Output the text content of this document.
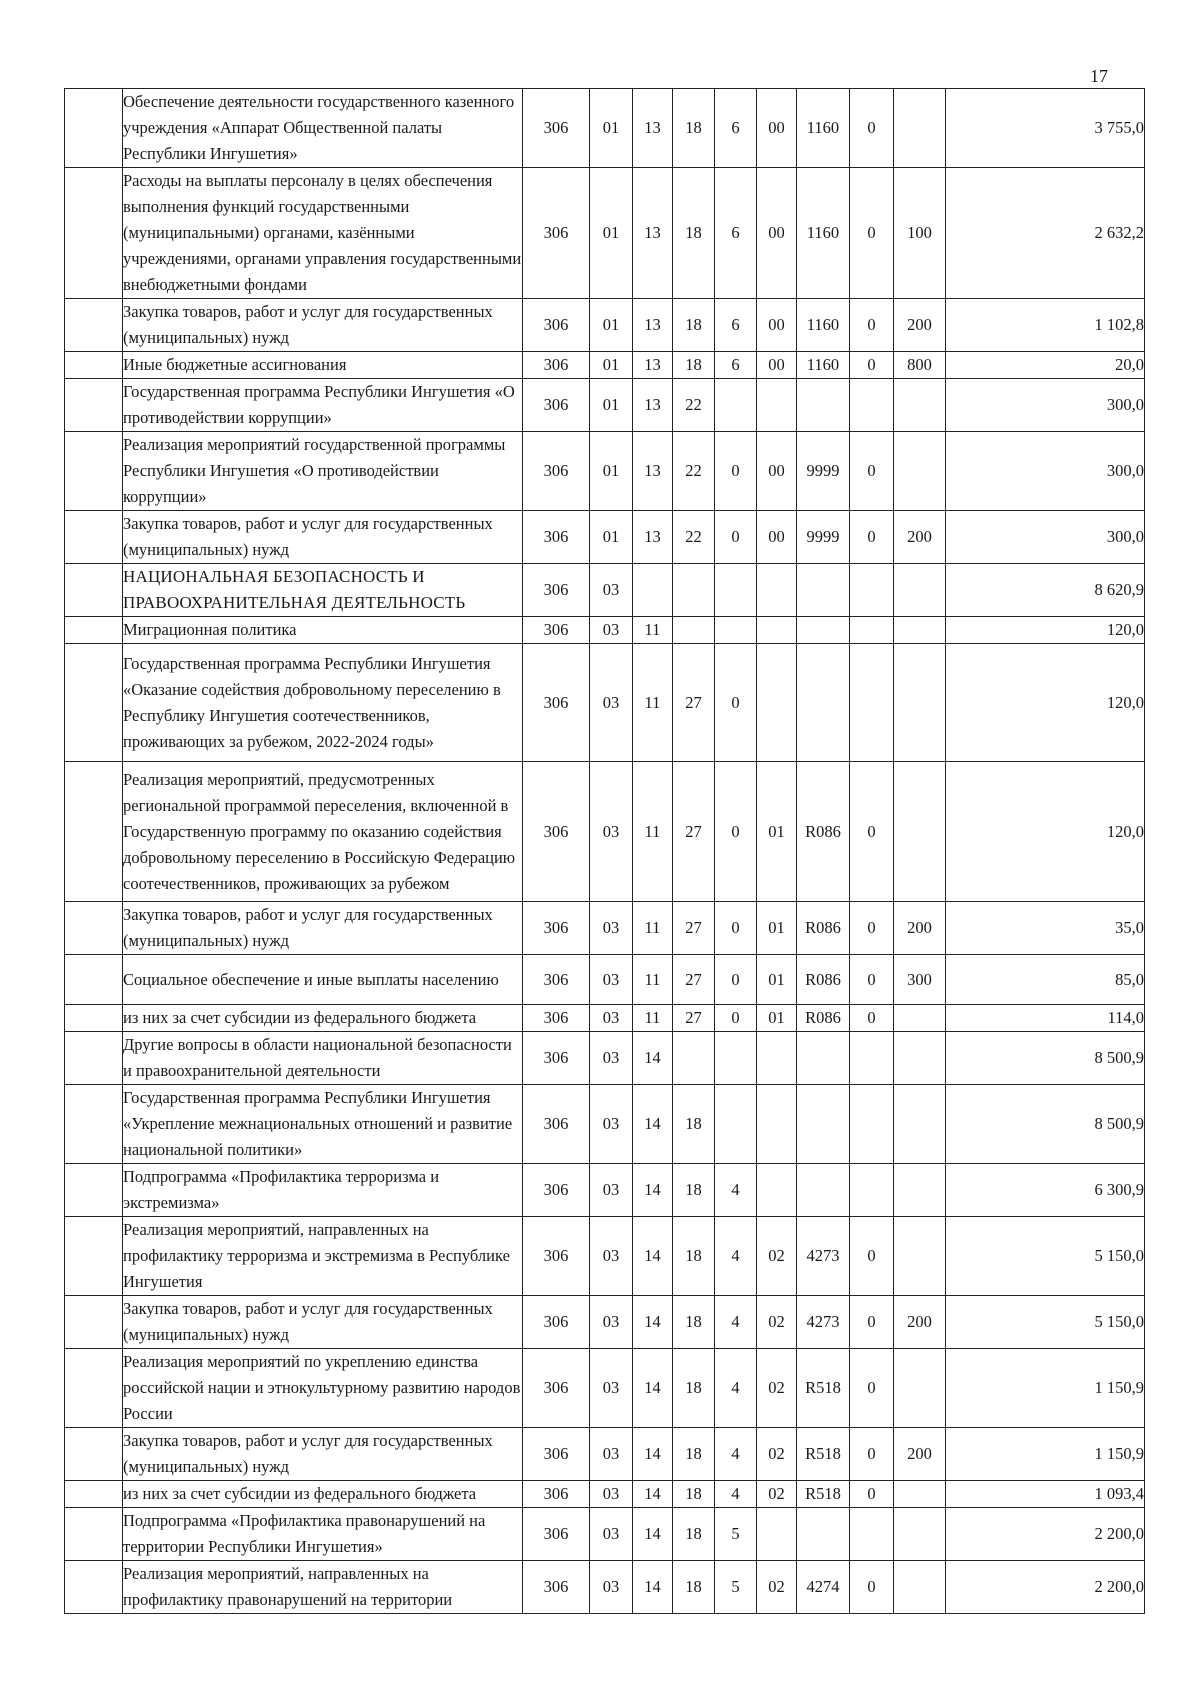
17
	Обеспечение деятельности государственного казенного учреждения «Аппарат Общественной палаты Республики Ингушетия»	306	01	13	18	6	00	1160	0		3 755,0
	Расходы на выплаты персоналу в целях обеспечения выполнения функций государственными (муниципальными) органами, казёнными учреждениями, органами управления государственными внебюджетными фондами	306	01	13	18	6	00	1160	0	100	2 632,2
	Закупка товаров, работ и услуг для государственных (муниципальных) нужд	306	01	13	18	6	00	1160	0	200	1 102,8
	Иные бюджетные ассигнования	306	01	13	18	6	00	1160	0	800	20,0
	Государственная программа Республики Ингушетия «О противодействии коррупции»	306	01	13	22						300,0
	Реализация мероприятий государственной программы Республики Ингушетия «О противодействии коррупции»	306	01	13	22	0	00	9999	0		300,0
	Закупка товаров, работ и услуг для государственных (муниципальных) нужд	306	01	13	22	0	00	9999	0	200	300,0
	НАЦИОНАЛЬНАЯ БЕЗОПАСНОСТЬ И ПРАВООХРАНИТЕЛЬНАЯ ДЕЯТЕЛЬНОСТЬ	306	03								8 620,9
	Миграционная политика	306	03	11							120,0
	Государственная программа Республики Ингушетия «Оказание содействия добровольному переселению в Республику Ингушетия соотечественников, проживающих за рубежом, 2022-2024 годы»	306	03	11	27	0					120,0
	Реализация мероприятий, предусмотренных региональной программой переселения, включенной в Государственную программу по оказанию содействия добровольному переселению в Российскую Федерацию соотечественников, проживающих за рубежом	306	03	11	27	0	01	R086	0		120,0
	Закупка товаров, работ и услуг для государственных (муниципальных) нужд	306	03	11	27	0	01	R086	0	200	35,0
	Социальное обеспечение и иные выплаты населению	306	03	11	27	0	01	R086	0	300	85,0
	из них за счет субсидии из федерального бюджета	306	03	11	27	0	01	R086	0		114,0
	Другие вопросы в области национальной безопасности и правоохранительной деятельности	306	03	14							8 500,9
	Государственная программа Республики Ингушетия «Укрепление межнациональных отношений и развитие национальной политики»	306	03	14	18						8 500,9
	Подпрограмма «Профилактика терроризма и экстремизма»	306	03	14	18	4					6 300,9
	Реализация мероприятий, направленных на профилактику терроризма и экстремизма в Республике Ингушетия	306	03	14	18	4	02	4273	0		5 150,0
	Закупка товаров, работ и услуг для государственных (муниципальных) нужд	306	03	14	18	4	02	4273	0	200	5 150,0
	Реализация мероприятий по укреплению единства российской нации и этнокультурному развитию народов России	306	03	14	18	4	02	R518	0		1 150,9
	Закупка товаров, работ и услуг для государственных (муниципальных) нужд	306	03	14	18	4	02	R518	0	200	1 150,9
	из них за счет субсидии из федерального бюджета	306	03	14	18	4	02	R518	0		1 093,4
	Подпрограмма «Профилактика правонарушений на территории Республики Ингушетия»	306	03	14	18	5					2 200,0
	Реализация мероприятий, направленных на профилактику правонарушений на территории	306	03	14	18	5	02	4274	0		2 200,0
